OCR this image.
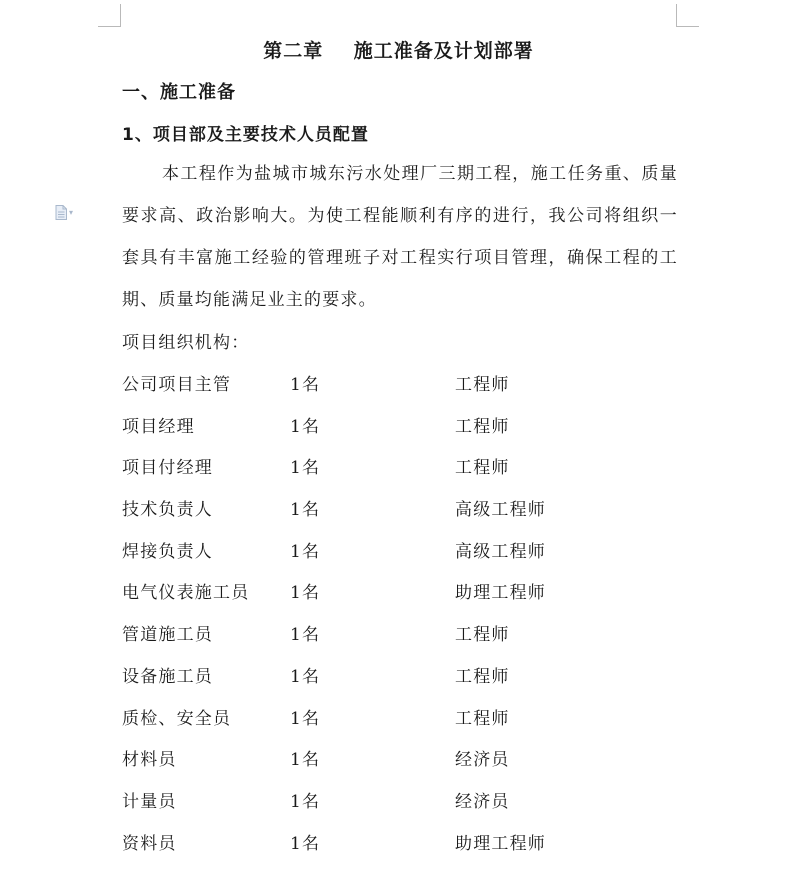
▾
第二章    施工准备及计划部署
一、施工准备
1、项目部及主要技术人员配置

本工程作为盐城市城东污水处理厂三期工程，施工任务重、质量要求高、政治影响大。为使工程能顺利有序的进行，我公司将组织一套具有丰富施工经验的管理班子对工程实行项目管理，确保工程的工期、质量均能满足业主的要求。

项目组织机构：
公司项目主管	1名	工程师
项目经理	1名	工程师
项目付经理	1名	工程师
技术负责人	1名	高级工程师
焊接负责人	1名	高级工程师
电气仪表施工员 1名	助理工程师
管道施工员	1名	工程师
设备施工员	1名	工程师
质检、安全员	1名	工程师
材料员	1名	经济员
计量员	1名	经济员
资料员	1名	助理工程师
